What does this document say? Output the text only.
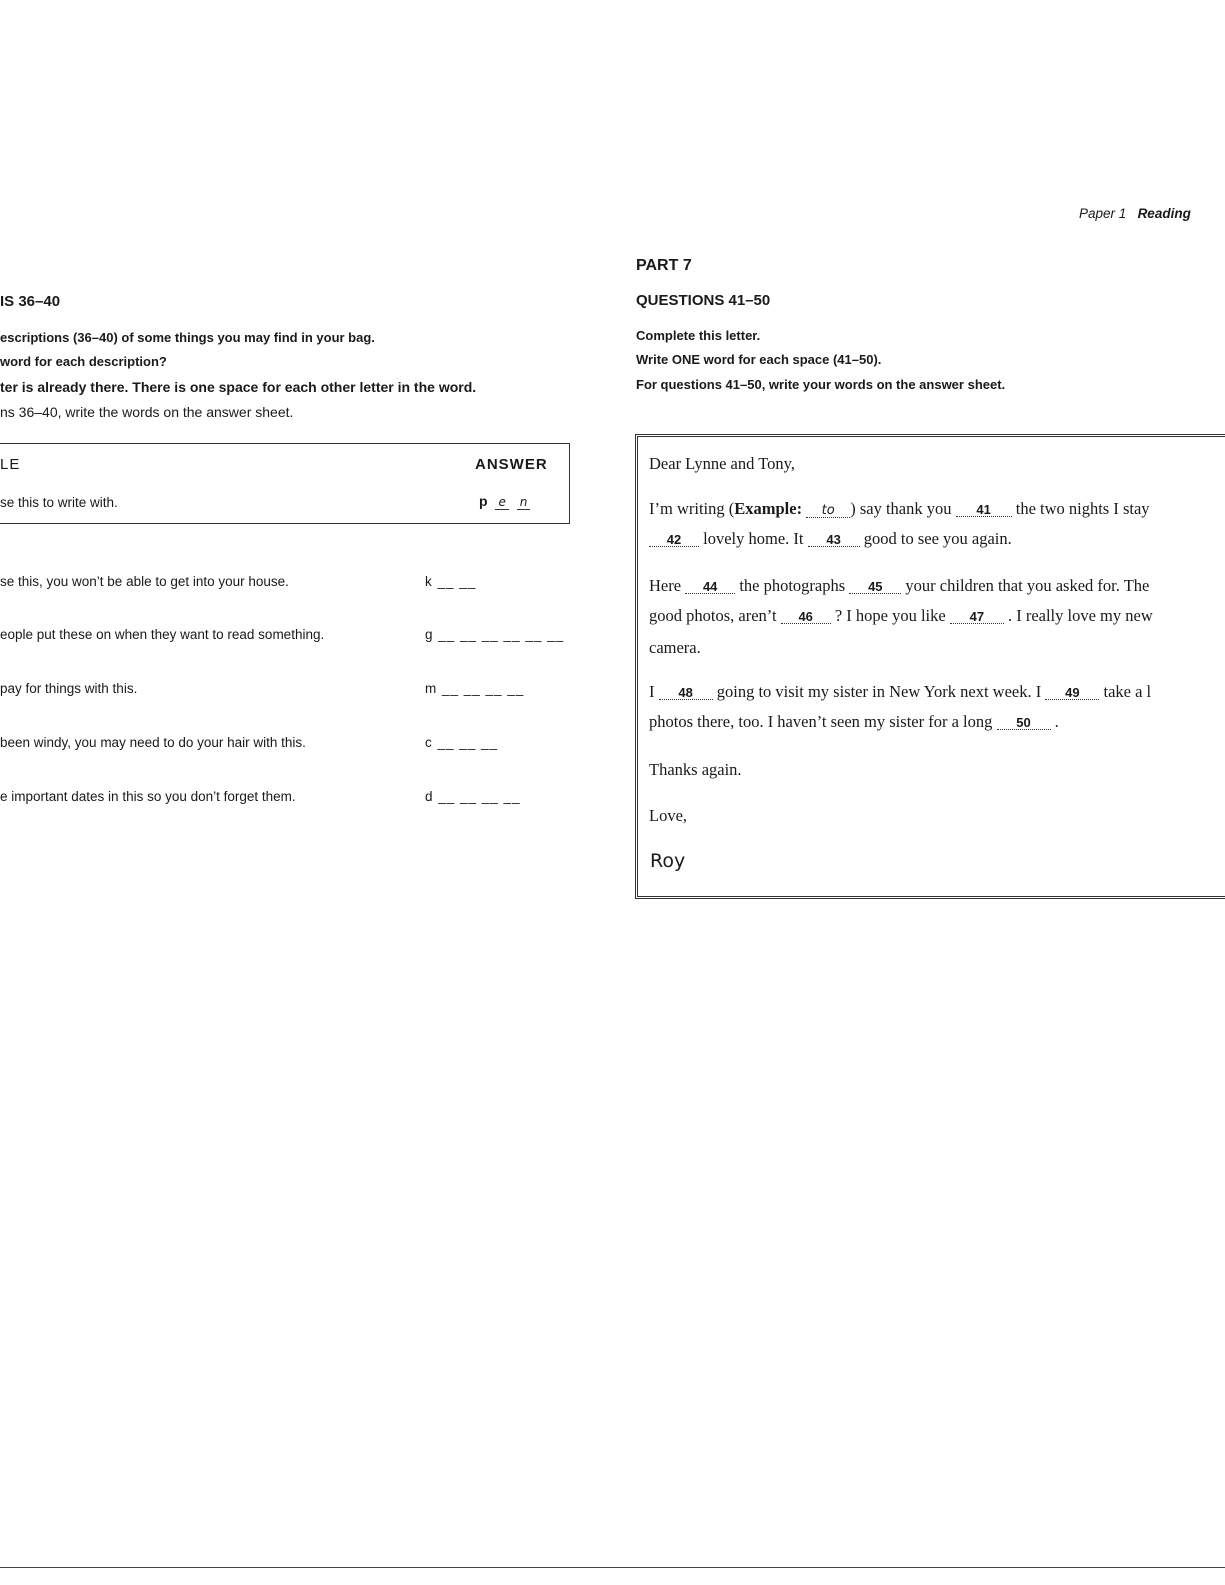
Paper 1 Reading
IS 36–40
escriptions (36–40) of some things you may find in your bag.
word for each description?
ter is already there. There is one space for each other letter in the word.
ns 36–40, write the words on the answer sheet.
LE	ANSWER
se this to write with.	p e n
se this, you won’t be able to get into your house.	k __ __
eople put these on when they want to read something.	g __ __ __ __ __ __
pay for things with this.	m __ __ __ __
been windy, you may need to do your hair with this.	c __ __ __
e important dates in this so you don’t forget them.	d __ __ __ __
PART 7
QUESTIONS 41–50
Complete this letter.
Write ONE word for each space (41–50).
For questions 41–50, write your words on the answer sheet.
Dear Lynne and Tony,
I’m writing (Example: to ) say thank you 41 the two nights I stay
42 lovely home. It 43 good to see you again.
Here 44 the photographs 45 your children that you asked for. The
good photos, aren’t 46 ? I hope you like 47 . I really love my new
camera.
I 48 going to visit my sister in New York next week. I 49 take a l
photos there, too. I haven’t seen my sister for a long 50 .
Thanks again.
Love,
Roy
